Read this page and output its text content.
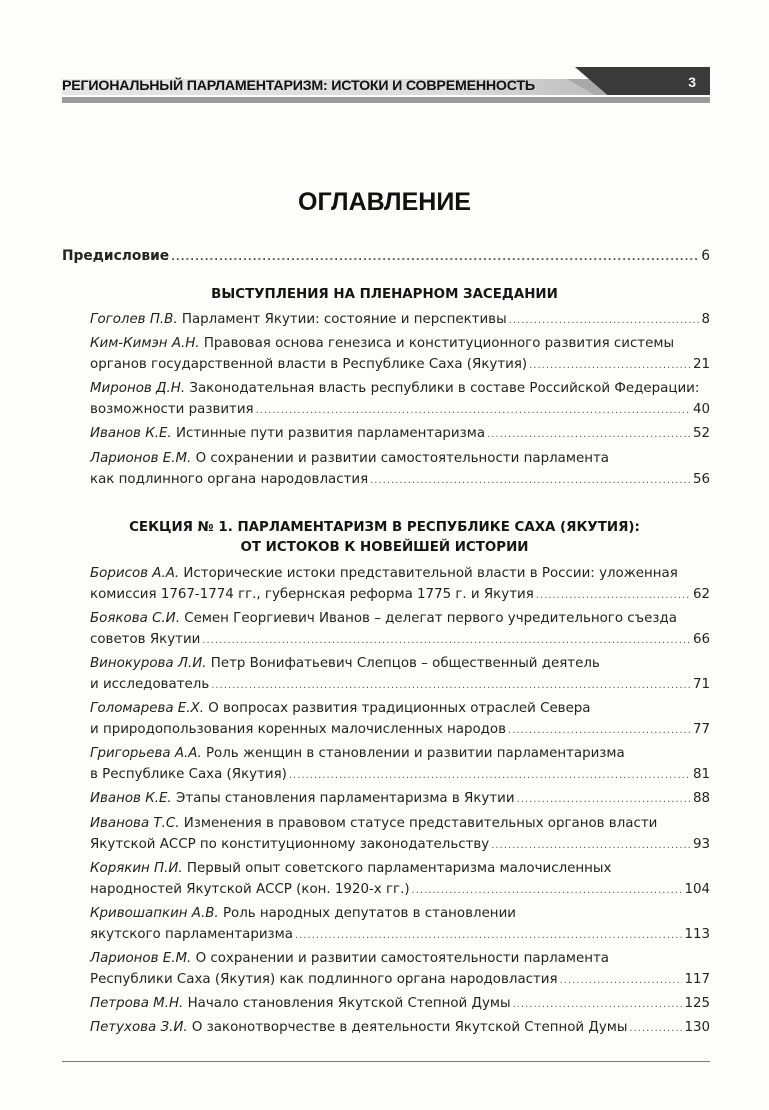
РЕГИОНАЛЬНЫЙ ПАРЛАМЕНТАРИЗМ: ИСТОКИ И СОВРЕМЕННОСТЬ	3
ОГЛАВЛЕНИЕ
Предисловие .....	6
ВЫСТУПЛЕНИЯ НА ПЛЕНАРНОМ ЗАСЕДАНИИ
Гоголев П.В. Парламент Якутии: состояние и перспективы .....	8
Ким-Кимэн А.Н. Правовая основа генезиса и конституционного развития системы
органов государственной власти в Республике Саха (Якутия) .....	21
Миронов Д.Н. Законодательная власть республики в составе Российской Федерации:
возможности развития .....	40
Иванов К.Е. Истинные пути развития парламентаризма .....	52
Ларионов Е.М. О сохранении и развитии самостоятельности парламента
как подлинного органа народовластия .....	56
СЕКЦИЯ № 1. ПАРЛАМЕНТАРИЗМ В РЕСПУБЛИКЕ САХА (ЯКУТИЯ):
ОТ ИСТОКОВ К НОВЕЙШЕЙ ИСТОРИИ
Борисов А.А. Исторические истоки представительной власти в России: уложенная
комиссия 1767-1774 гг., губернская реформа 1775 г. и Якутия .....	62
Боякова С.И. Семен Георгиевич Иванов – делегат первого учредительного съезда
советов Якутии .....	66
Винокурова Л.И. Петр Вонифатьевич Слепцов – общественный деятель
и исследователь .....	71
Голомарева Е.Х. О вопросах развития традиционных отраслей Севера
и природопользования коренных малочисленных народов .....	77
Григорьева А.А. Роль женщин в становлении и развитии парламентаризма
в Республике Саха (Якутия) .....	81
Иванов К.Е. Этапы становления парламентаризма в Якутии .....	88
Иванова Т.С. Изменения в правовом статусе представительных органов власти
Якутской АССР по конституционному законодательству .....	93
Корякин П.И. Первый опыт советского парламентаризма малочисленных
народностей Якутской АССР (кон. 1920-х гг.) .....	104
Кривошапкин А.В. Роль народных депутатов в становлении
якутского парламентаризма .....	113
Ларионов Е.М. О сохранении и развитии самостоятельности парламента
Республики Саха (Якутия) как подлинного органа народовластия .....	117
Петрова М.Н. Начало становления Якутской Степной Думы .....	125
Петухова З.И. О законотворчестве в деятельности Якутской Степной Думы .....	130
